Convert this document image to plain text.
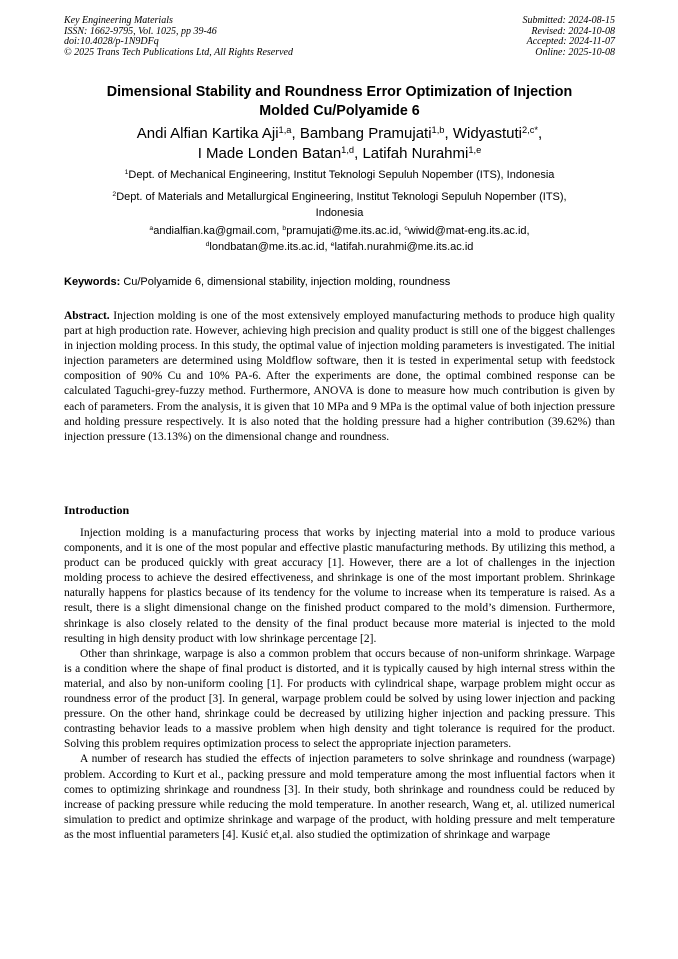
Key Engineering Materials
ISSN: 1662-9795, Vol. 1025, pp 39-46
doi:10.4028/p-1N9DFq
© 2025 Trans Tech Publications Ltd, All Rights Reserved
Submitted: 2024-08-15
Revised: 2024-10-08
Accepted: 2024-11-07
Online: 2025-10-08
Dimensional Stability and Roundness Error Optimization of Injection
Molded Cu/Polyamide 6
Andi Alfian Kartika Aji$^{1,a}$, Bambang Pramujati$^{1,b}$, Widyastuti$^{2,c*}$,
I Made Londen Batan$^{1,d}$, Latifah Nurahmi$^{1,e}$
$^1$Dept. of Mechanical Engineering, Institut Teknologi Sepuluh Nopember (ITS), Indonesia
$^2$Dept. of Materials and Metallurgical Engineering, Institut Teknologi Sepuluh Nopember (ITS),
Indonesia
$^a$andialfian.ka@gmail.com, $^b$pramujati@me.its.ac.id, $^c$wiwid@mat-eng.its.ac.id,
$^d$londbatan@me.its.ac.id, $^e$latifah.nurahmi@me.its.ac.id
Keywords: Cu/Polyamide 6, dimensional stability, injection molding, roundness

Abstract. Injection molding is one of the most extensively employed manufacturing methods to produce high quality part at high production rate. However, achieving high precision and quality product is still one of the biggest challenges in injection molding process. In this study, the optimal value of injection molding parameters is investigated. The initial injection parameters are determined using Moldflow software, then it is tested in experimental setup with feedstock composition of 90% Cu and 10% PA-6. After the experiments are done, the optimal combined response can be calculated Taguchi-grey-fuzzy method. Furthermore, ANOVA is done to measure how much contribution is given by each of parameters. From the analysis, it is given that 10 MPa and 9 MPa is the optimal value of both injection pressure and holding pressure respectively. It is also noted that the holding pressure had a higher contribution (39.62%) than injection pressure (13.13%) on the dimensional change and roundness.

Introduction

Injection molding is a manufacturing process that works by injecting material into a mold to produce various components, and it is one of the most popular and effective plastic manufacturing methods. By utilizing this method, a product can be produced quickly with great accuracy [1]. However, there are a lot of challenges in the injection molding process to achieve the desired effectiveness, and shrinkage is one of the most important problem. Shrinkage naturally happens for plastics because of its tendency for the volume to increase when its temperature is raised. As a result, there is a slight dimensional change on the finished product compared to the mold’s dimension. Furthermore, shrinkage is also closely related to the density of the final product because more material is injected to the mold resulting in high density product with low shrinkage percentage [2].

Other than shrinkage, warpage is also a common problem that occurs because of non-uniform shrinkage. Warpage is a condition where the shape of final product is distorted, and it is typically caused by high internal stress within the material, and also by non-uniform cooling [1]. For products with cylindrical shape, warpage problem might occur as roundness error of the product [3]. In general, warpage problem could be solved by using lower injection and packing pressure. On the other hand, shrinkage could be decreased by utilizing higher injection and packing pressure. This contrasting behavior leads to a massive problem when high density and tight tolerance is required for the product. Solving this problem requires optimization process to select the appropriate injection parameters.

A number of research has studied the effects of injection parameters to solve shrinkage and roundness (warpage) problem. According to Kurt et al., packing pressure and mold temperature among the most influential factors when it comes to optimizing shrinkage and roundness [3]. In their study, both shrinkage and roundness could be reduced by increase of packing pressure while reducing the mold temperature. In another research, Wang et, al. utilized numerical simulation to predict and optimize shrinkage and warpage of the product, with holding pressure and melt temperature as the most influential parameters [4]. Kusić et,al. also studied the optimization of shrinkage and warpage
